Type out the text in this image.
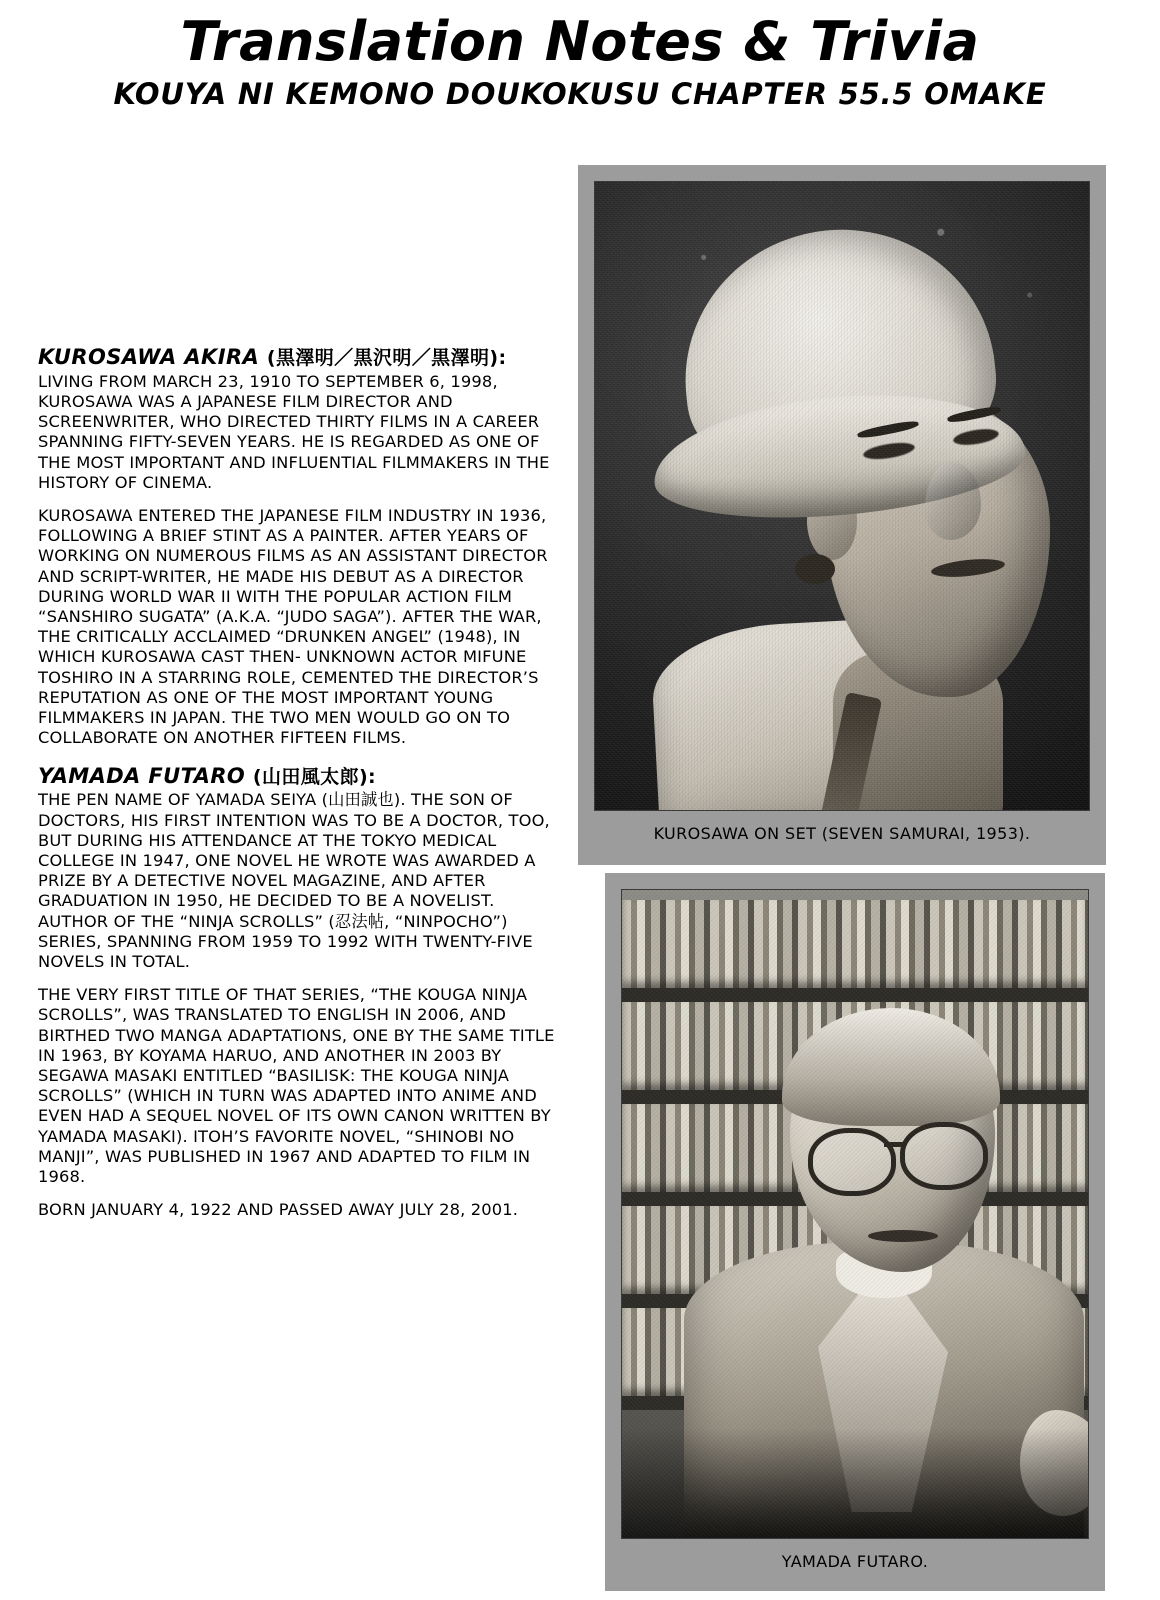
Translation Notes & Trivia
KOUYA NI KEMONO DOUKOKUSU CHAPTER 55.5 OMAKE
KUROSAWA AKIRA (黒澤明／黒沢明／黒澤明):

LIVING FROM MARCH 23, 1910 TO SEPTEMBER 6, 1998, KUROSAWA WAS A JAPANESE FILM DIRECTOR AND SCREENWRITER, WHO DIRECTED THIRTY FILMS IN A CAREER SPANNING FIFTY-SEVEN YEARS. HE IS REGARDED AS ONE OF THE MOST IMPORTANT AND INFLUENTIAL FILMMAKERS IN THE HISTORY OF CINEMA.

KUROSAWA ENTERED THE JAPANESE FILM INDUSTRY IN 1936, FOLLOWING A BRIEF STINT AS A PAINTER. AFTER YEARS OF WORKING ON NUMEROUS FILMS AS AN ASSISTANT DIRECTOR AND SCRIPT-WRITER, HE MADE HIS DEBUT AS A DIRECTOR DURING WORLD WAR II WITH THE POPULAR ACTION FILM “SANSHIRO SUGATA” (A.K.A. “JUDO SAGA”). AFTER THE WAR, THE CRITICALLY ACCLAIMED “DRUNKEN ANGEL” (1948), IN WHICH KUROSAWA CAST THEN- UNKNOWN ACTOR MIFUNE TOSHIRO IN A STARRING ROLE, CEMENTED THE DIRECTOR’S REPUTATION AS ONE OF THE MOST IMPORTANT YOUNG FILMMAKERS IN JAPAN. THE TWO MEN WOULD GO ON TO COLLABORATE ON ANOTHER FIFTEEN FILMS.

YAMADA FUTARO (山田風太郎):

THE PEN NAME OF YAMADA SEIYA (山田誠也). THE SON OF DOCTORS, HIS FIRST INTENTION WAS TO BE A DOCTOR, TOO, BUT DURING HIS ATTENDANCE AT THE TOKYO MEDICAL COLLEGE IN 1947, ONE NOVEL HE WROTE WAS AWARDED A PRIZE BY A DETECTIVE NOVEL MAGAZINE, AND AFTER GRADUATION IN 1950, HE DECIDED TO BE A NOVELIST. AUTHOR OF THE “NINJA SCROLLS” (忍法帖, “NINPOCHO”) SERIES, SPANNING FROM 1959 TO 1992 WITH TWENTY-FIVE NOVELS IN TOTAL.

THE VERY FIRST TITLE OF THAT SERIES, “THE KOUGA NINJA SCROLLS”, WAS TRANSLATED TO ENGLISH IN 2006, AND BIRTHED TWO MANGA ADAPTATIONS, ONE BY THE SAME TITLE IN 1963, BY KOYAMA HARUO, AND ANOTHER IN 2003 BY SEGAWA MASAKI ENTITLED “BASILISK: THE KOUGA NINJA SCROLLS” (WHICH IN TURN WAS ADAPTED INTO ANIME AND EVEN HAD A SEQUEL NOVEL OF ITS OWN CANON WRITTEN BY YAMADA MASAKI). ITOH’S FAVORITE NOVEL, “SHINOBI NO MANJI”, WAS PUBLISHED IN 1967 AND ADAPTED TO FILM IN 1968.

BORN JANUARY 4, 1922 AND PASSED AWAY JULY 28, 2001.

KUROSAWA ON SET (SEVEN SAMURAI, 1953).
YAMADA FUTARO.
